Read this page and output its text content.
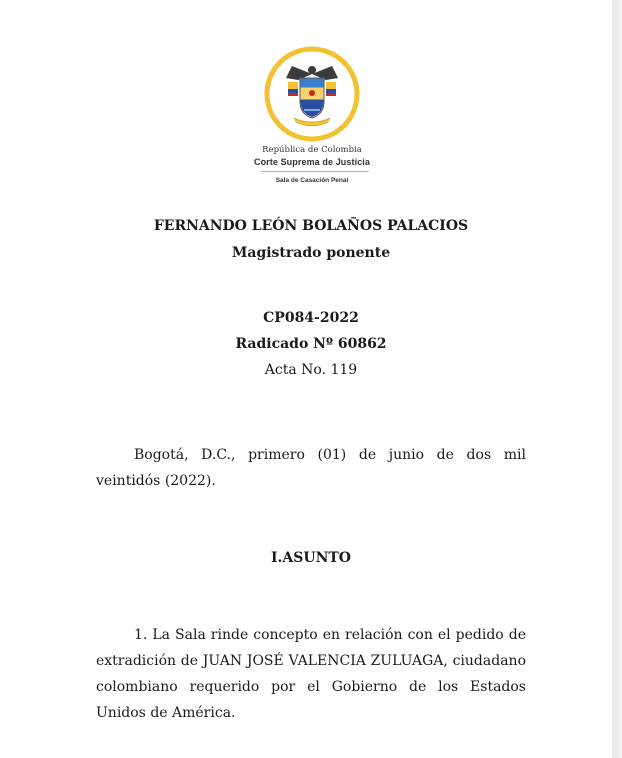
República de Colombia
Corte Suprema de Justicia
Sala de Casación Penal
FERNANDO LEÓN BOLAÑOS PALACIOS
Magistrado ponente
CP084-2022
Radicado Nº 60862
Acta No. 119
Bogotá, D.C., primero (01) de junio de dos mil veintidós (2022).
I.ASUNTO
1. La Sala rinde concepto en relación con el pedido de extradición de JUAN JOSÉ VALENCIA ZULUAGA, ciudadano colombiano requerido por el Gobierno de los Estados Unidos de América.
